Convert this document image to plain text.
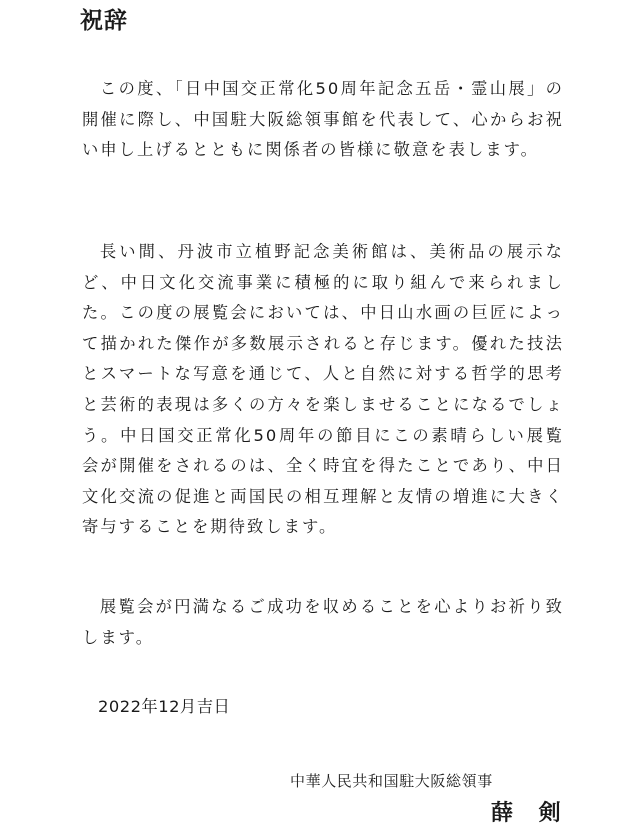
祝辞

この度、「日中国交正常化50周年記念五岳・霊山展」の開催に際し、中国駐大阪総領事館を代表して、心からお祝い申し上げるとともに関係者の皆様に敬意を表します。

長い間、丹波市立植野記念美術館は、美術品の展示など、中日文化交流事業に積極的に取り組んで来られました。この度の展覧会においては、中日山水画の巨匠によって描かれた傑作が多数展示されると存じます。優れた技法とスマートな写意を通じて、人と自然に対する哲学的思考と芸術的表現は多くの方々を楽しませることになるでしょう。中日国交正常化50周年の節目にこの素晴らしい展覧会が開催をされるのは、全く時宜を得たことであり、中日文化交流の促進と両国民の相互理解と友情の増進に大きく寄与することを期待致します。

展覧会が円満なるご成功を収めることを心よりお祈り致します。

2022年12月吉日
中華人民共和国駐大阪総領事
薛 剣
